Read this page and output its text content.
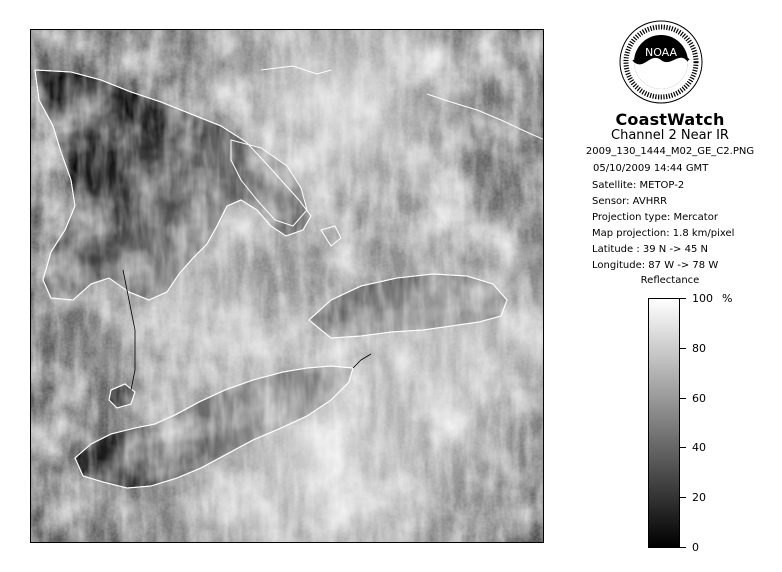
NOAA
CoastWatch
Channel 2 Near IR
2009_130_1444_M02_GE_C2.PNG
05/10/2009 14:44 GMT
Satellite: METOP-2
Sensor: AVHRR
Projection type: Mercator
Map projection: 1.8 km/pixel
Latitude : 39 N -> 45 N
Longitude: 87 W -> 78 W
Reflectance
%
100
80
60
40
20
0
